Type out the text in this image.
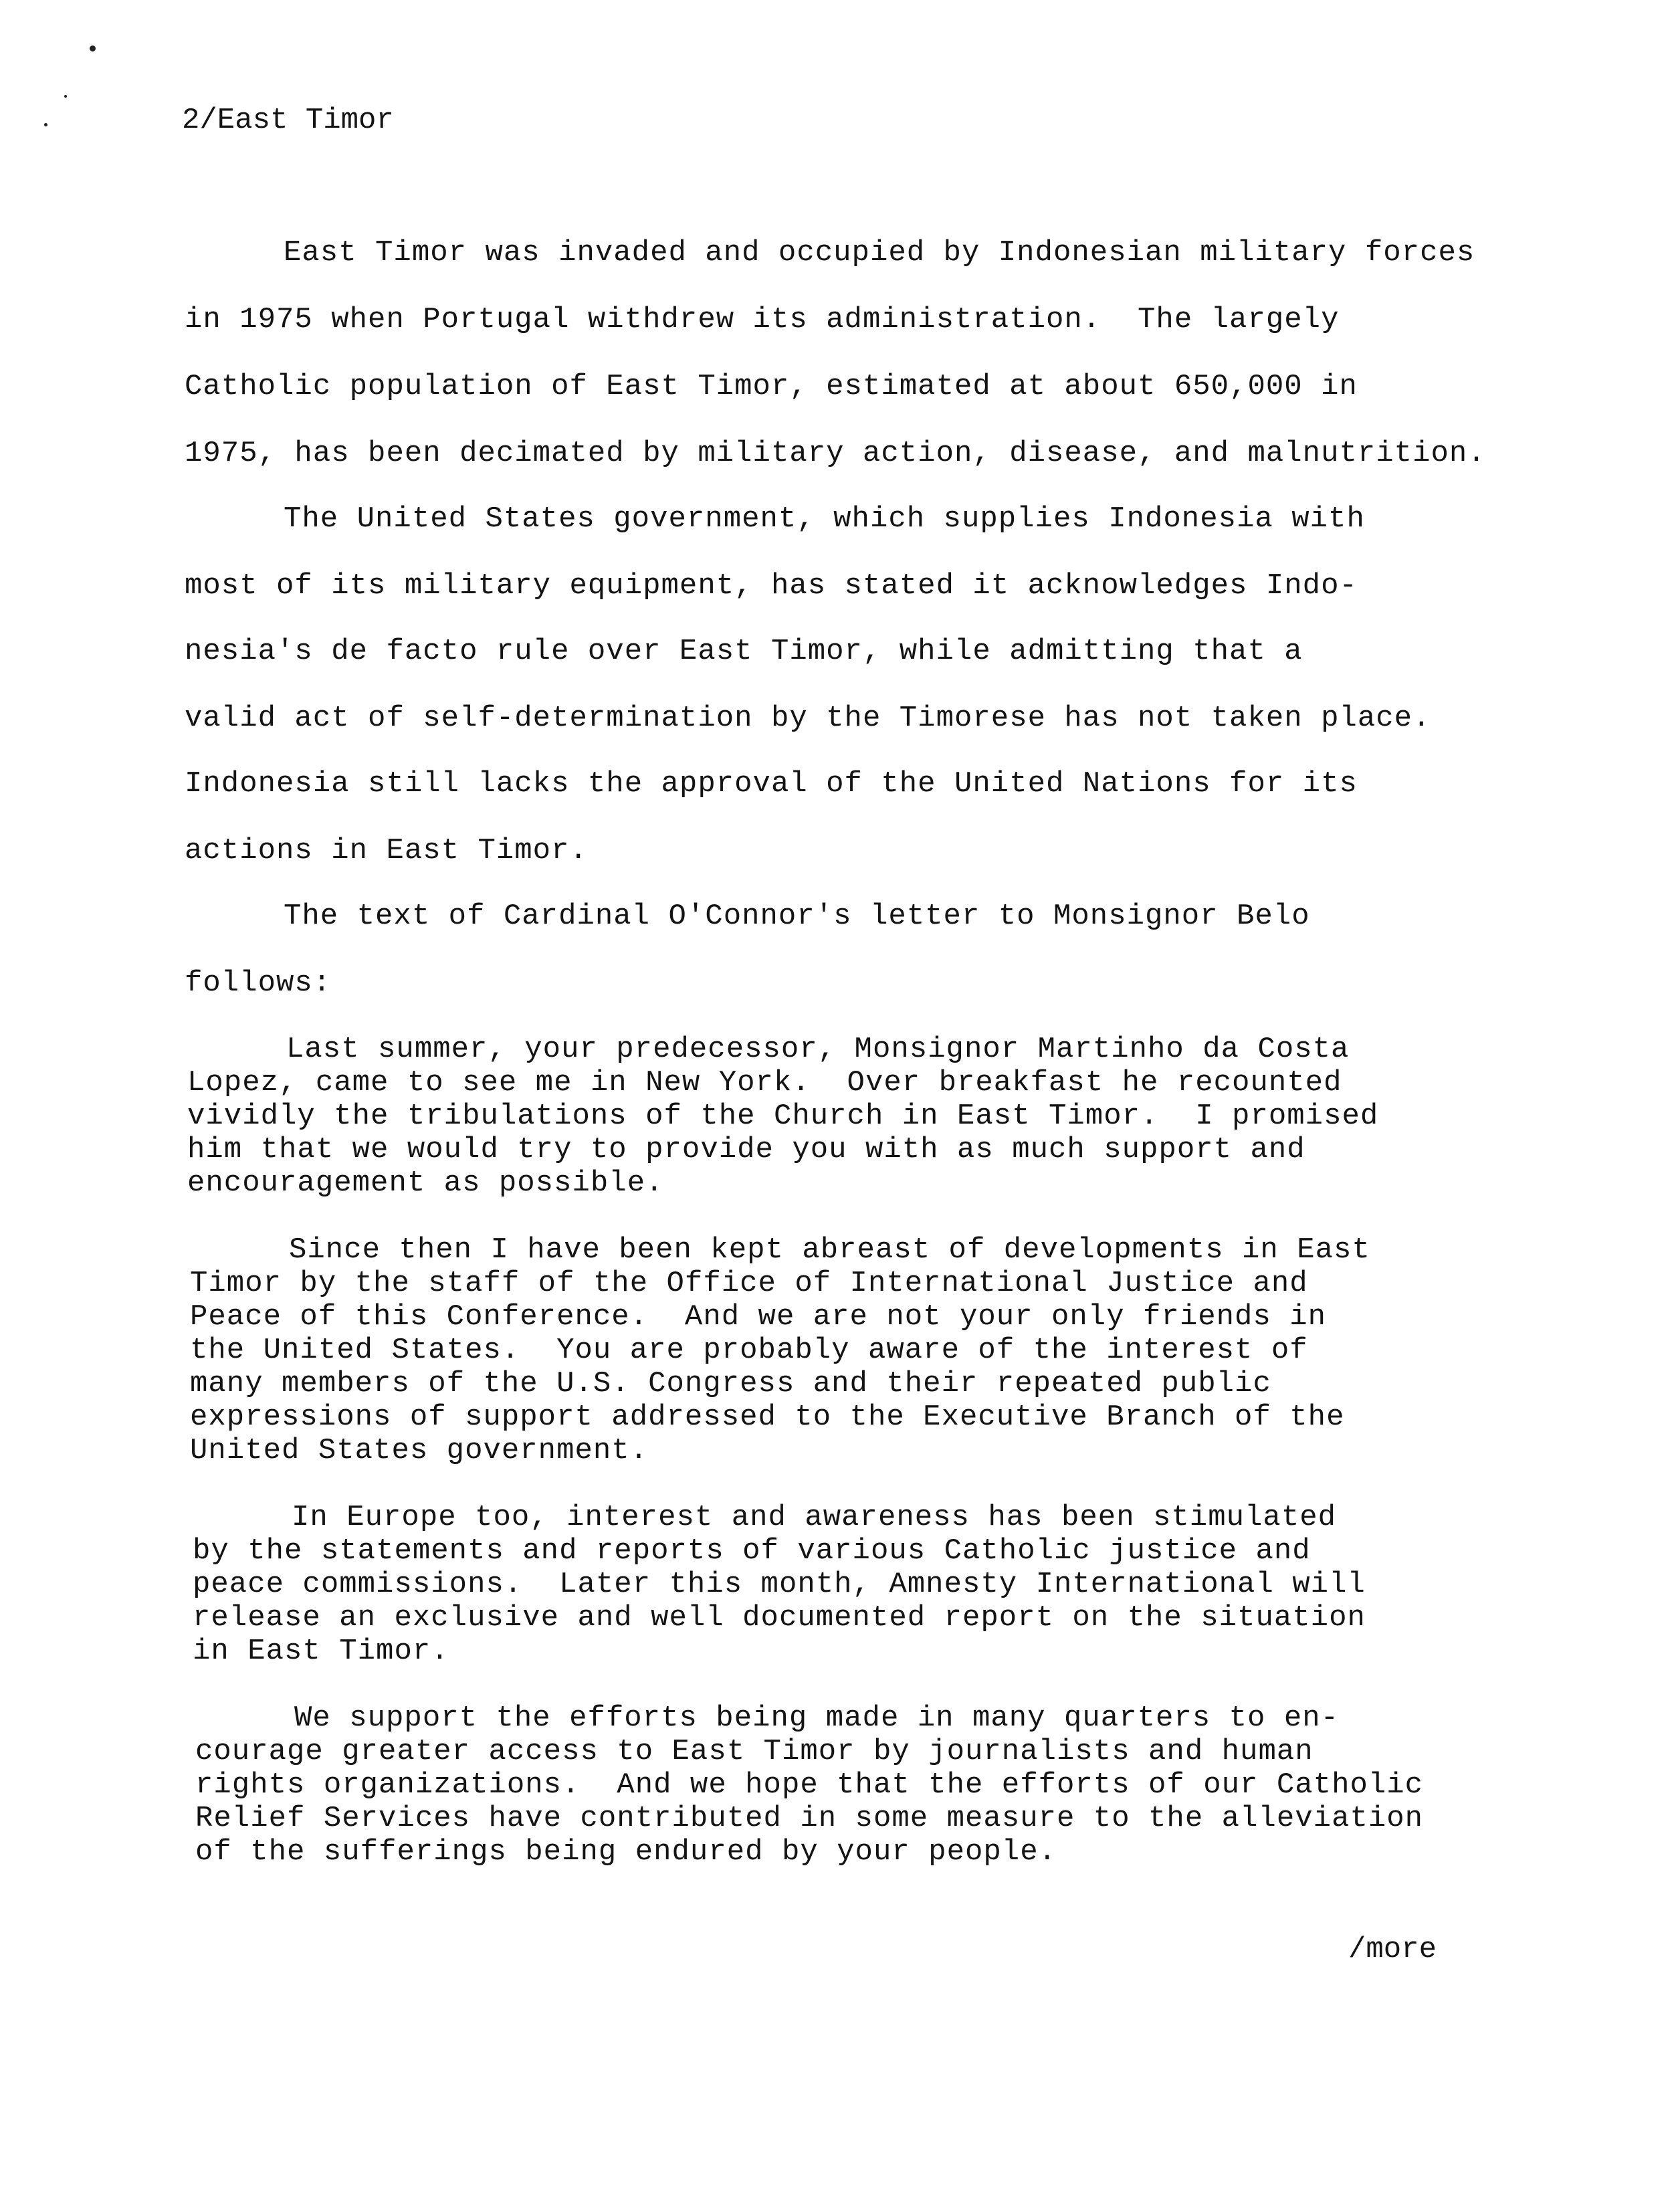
2/East Timor
East Timor was invaded and occupied by Indonesian military forces
in 1975 when Portugal withdrew its administration.  The largely
Catholic population of East Timor, estimated at about 650,000 in
1975, has been decimated by military action, disease, and malnutrition.
The United States government, which supplies Indonesia with
most of its military equipment, has stated it acknowledges Indo-
nesia's de facto rule over East Timor, while admitting that a
valid act of self-determination by the Timorese has not taken place.
Indonesia still lacks the approval of the United Nations for its
actions in East Timor.
The text of Cardinal O'Connor's letter to Monsignor Belo
follows:
Last summer, your predecessor, Monsignor Martinho da Costa
Lopez, came to see me in New York.  Over breakfast he recounted
vividly the tribulations of the Church in East Timor.  I promised
him that we would try to provide you with as much support and
encouragement as possible.
Since then I have been kept abreast of developments in East
Timor by the staff of the Office of International Justice and
Peace of this Conference.  And we are not your only friends in
the United States.  You are probably aware of the interest of
many members of the U.S. Congress and their repeated public
expressions of support addressed to the Executive Branch of the
United States government.
In Europe too, interest and awareness has been stimulated
by the statements and reports of various Catholic justice and
peace commissions.  Later this month, Amnesty International will
release an exclusive and well documented report on the situation
in East Timor.
We support the efforts being made in many quarters to en-
courage greater access to East Timor by journalists and human
rights organizations.  And we hope that the efforts of our Catholic
Relief Services have contributed in some measure to the alleviation
of the sufferings being endured by your people.
/more
